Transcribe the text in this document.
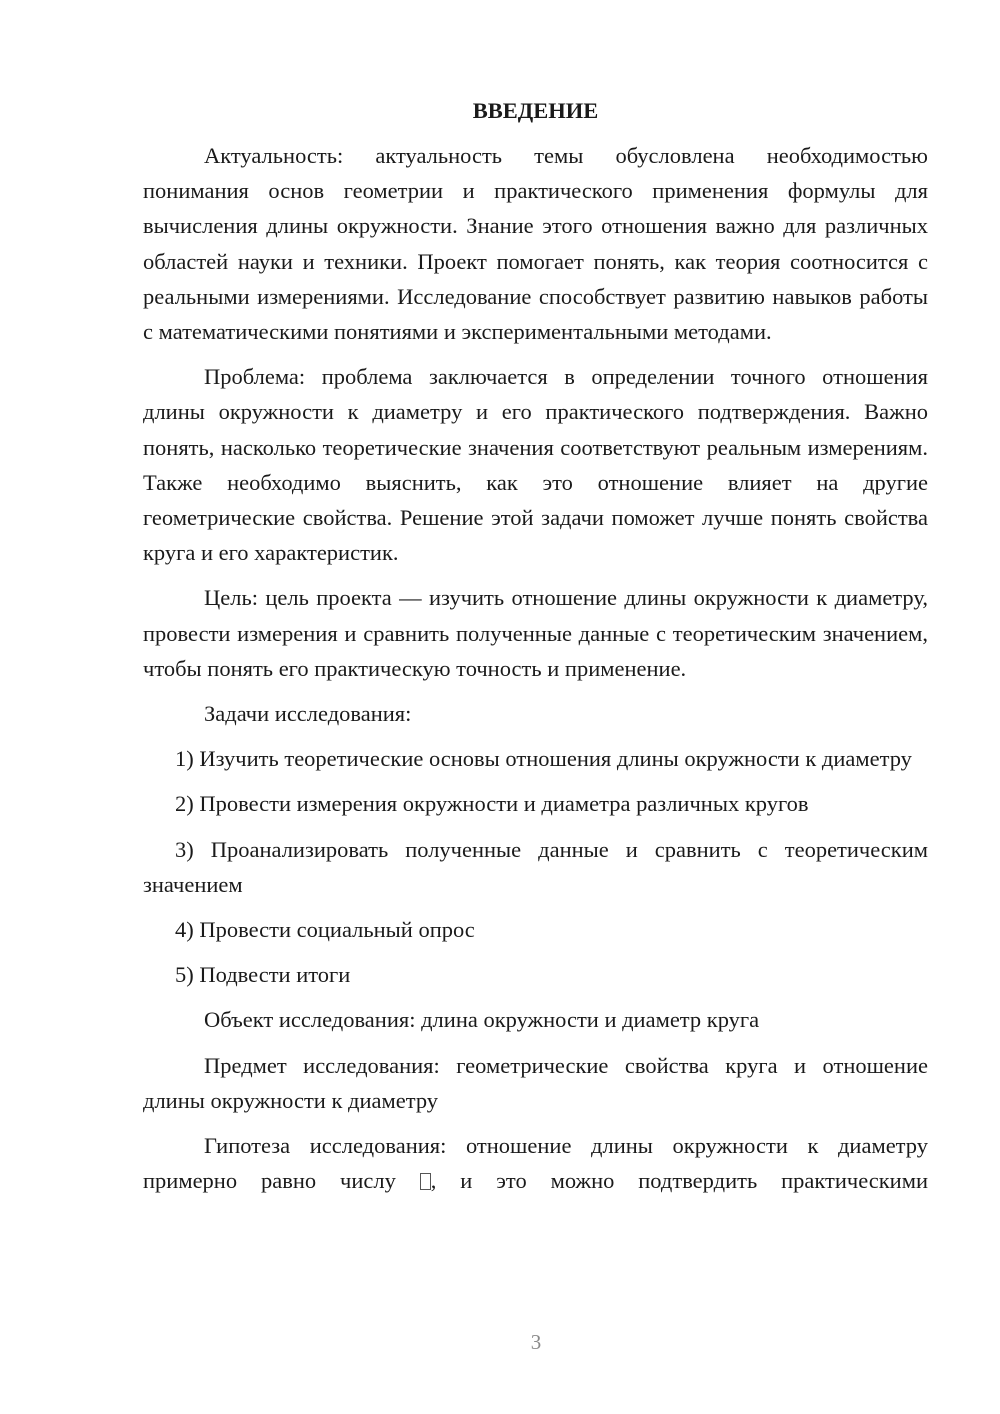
ВВЕДЕНИЕ

Актуальность: актуальность темы обусловлена необходимостью понимания основ геометрии и практического применения формулы для вычисления длины окружности. Знание этого отношения важно для различных областей науки и техники. Проект помогает понять, как теория соотносится с реальными измерениями. Исследование способствует развитию навыков работы с математическими понятиями и экспериментальными методами.

Проблема: проблема заключается в определении точного отношения длины окружности к диаметру и его практического подтверждения. Важно понять, насколько теоретические значения соответствуют реальным измерениям. Также необходимо выяснить, как это отношение влияет на другие геометрические свойства. Решение этой задачи поможет лучше понять свойства круга и его характеристик.

Цель: цель проекта — изучить отношение длины окружности к диаметру, провести измерения и сравнить полученные данные с теоретическим значением, чтобы понять его практическую точность и применение.

Задачи исследования:

1) Изучить теоретические основы отношения длины окружности к диаметру

2) Провести измерения окружности и диаметра различных кругов

3) Проанализировать полученные данные и сравнить с теоретическим значением

4) Провести социальный опрос

5) Подвести итоги

Объект исследования: длина окружности и диаметр круга

Предмет исследования: геометрические свойства круга и отношение длины окружности к диаметру

Гипотеза исследования: отношение длины окружности к диаметру примерно равно числу , и это можно подтвердить практическими

3
